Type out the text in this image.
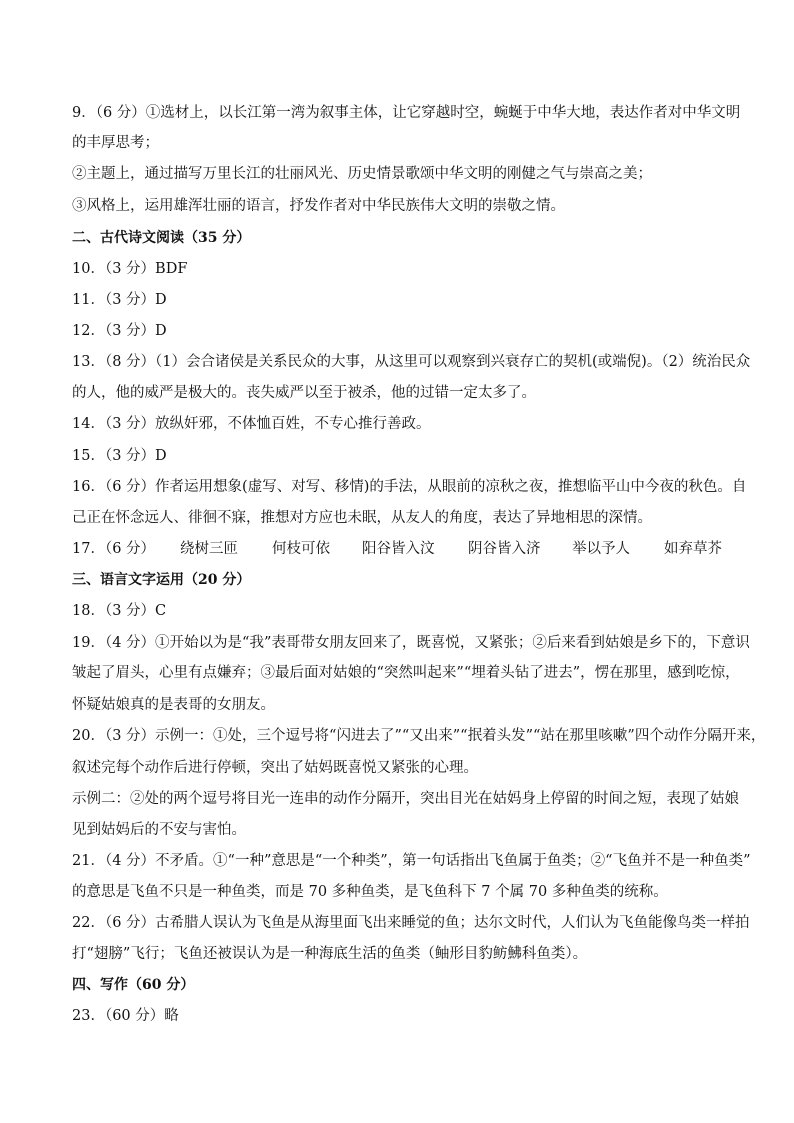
9．（6 分）①选材上，以长江第一湾为叙事主体，让它穿越时空，蜿蜒于中华大地，表达作者对中华文明
的丰厚思考；
②主题上，通过描写万里长江的壮丽风光、历史情景歌颂中华文明的刚健之气与崇高之美；
③风格上，运用雄浑壮丽的语言，抒发作者对中华民族伟大文明的崇敬之情。
二、古代诗文阅读（35 分）
10．（3 分）BDF
11．（3 分）D
12．（3 分）D
13．（8 分）（1）会合诸侯是关系民众的大事，从这里可以观察到兴衰存亡的契机(或端倪)。（2）统治民众
的人，他的威严是极大的。丧失威严以至于被杀，他的过错一定太多了。
14．（3 分）放纵奸邪，不体恤百姓，不专心推行善政。
15．（3 分）D
16．（6 分）作者运用想象(虚写、对写、移情)的手法，从眼前的凉秋之夜，推想临平山中今夜的秋色。自
己正在怀念远人、徘徊不寐，推想对方应也未眠，从友人的角度，表达了异地相思的深情。
17．（6 分） 绕树三匝 何枝可依 阳谷皆入汶 阴谷皆入济 举以予人 如弃草芥
三、语言文字运用（20 分）
18．（3 分）C
19．（4 分）①开始以为是“我”表哥带女朋友回来了，既喜悦，又紧张；②后来看到姑娘是乡下的，下意识
皱起了眉头，心里有点嫌弃；③最后面对姑娘的“突然叫起来”“埋着头钻了进去”，愣在那里，感到吃惊，
怀疑姑娘真的是表哥的女朋友。
20．（3 分）示例一：①处，三个逗号将“闪进去了”“又出来”“抿着头发”“站在那里咳嗽”四个动作分隔开来，
叙述完每个动作后进行停顿，突出了姑妈既喜悦又紧张的心理。
示例二：②处的两个逗号将目光一连串的动作分隔开，突出目光在姑妈身上停留的时间之短，表现了姑娘
见到姑妈后的不安与害怕。
21．（4 分）不矛盾。①“一种”意思是“一个种类”，第一句话指出飞鱼属于鱼类；②“飞鱼并不是一种鱼类”
的意思是飞鱼不只是一种鱼类，而是 70 多种鱼类，是飞鱼科下 7 个属 70 多种鱼类的统称。
22．（6 分）古希腊人误认为飞鱼是从海里面飞出来睡觉的鱼；达尔文时代，人们认为飞鱼能像鸟类一样拍
打“翅膀”飞行；飞鱼还被误认为是一种海底生活的鱼类（鲉形目豹鲂鮄科鱼类）。
四、写作（60 分）
23．（60 分）略
